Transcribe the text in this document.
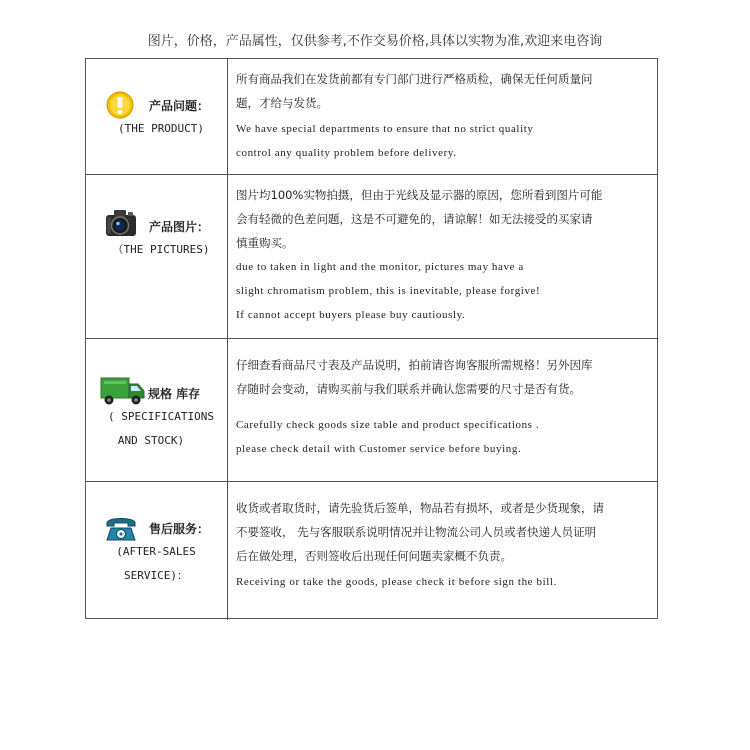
图片，价格，产品属性，仅供参考,不作交易价格,具体以实物为准,欢迎来电咨询
产品问题：
(THE PRODUCT)
所有商品我们在发货前都有专门部门进行严格质检，确保无任何质量问
题，才给与发货。
We have special departments to ensure that no strict quality
control any quality problem before delivery.
产品图片：
（THE PICTURES)
图片均100%实物拍摄，但由于光线及显示器的原因，您所看到图片可能
会有轻微的色差问题，这是不可避免的，请谅解！如无法接受的买家请
慎重购买。
due to taken in light and the monitor, pictures may have a
slight chromatism problem, this is inevitable, please forgive!
If cannot accept buyers please buy cautiously.
规格 库存
( SPECIFICATIONS
AND STOCK)
仔细查看商品尺寸表及产品说明，拍前请咨询客服所需规格！另外因库
存随时会变动，请购买前与我们联系并确认您需要的尺寸是否有货。
Carefully check goods size table and product specifications .
please check detail with Customer service before buying.
售后服务：
(AFTER-SALES
SERVICE)：
收货或者取货时，请先验货后签单，物品若有损坏，或者是少货现象，请
不要签收， 先与客服联系说明情况并让物流公司人员或者快递人员证明
后在做处理，否则签收后出现任何问题卖家概不负责。
Receiving or take the goods, please check it before sign the bill.
